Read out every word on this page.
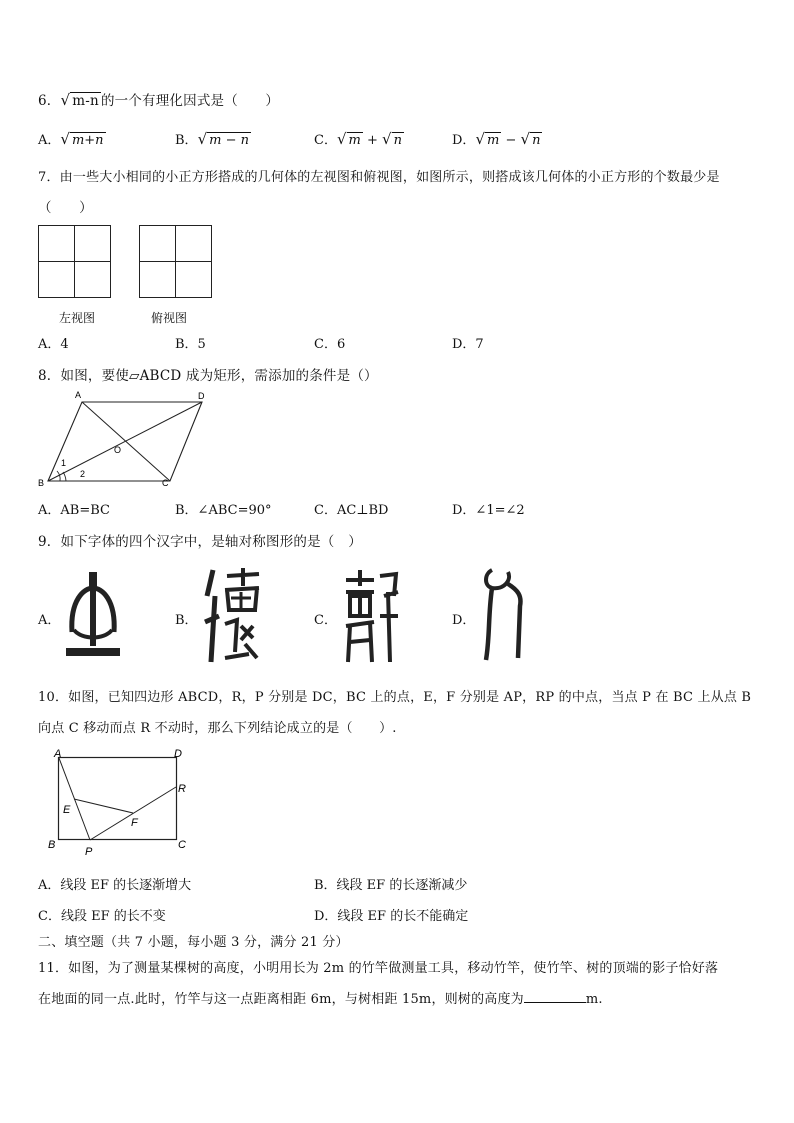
6．√ m-n 的一个有理化因式是（　　）
A．√ m+n	B．√ m − n	C．√ m + √ n	D．√ m − √ n
7．由一些大小相同的小正方形搭成的几何体的左视图和俯视图，如图所示，则搭成该几何体的小正方形的个数最少是
（　　）
左视图	俯视图
A．4	B．5	C．6	D．7
8．如图，要使▱ABCD 成为矩形，需添加的条件是（）
A	D
B	C
O
1
2
A．AB=BC	B．∠ABC=90°	C．AC⊥BD	D．∠1=∠2
9．如下字体的四个汉字中，是轴对称图形的是（　）
A．	B．	C．	D．
10．如图，已知四边形 ABCD，R，P 分别是 DC，BC 上的点，E，F 分别是 AP，RP 的中点，当点 P 在 BC 上从点 B
向点 C 移动而点 R 不动时，那么下列结论成立的是（　　）.
A	D
B	C
E
F
P
R
A．线段 EF 的长逐渐增大	B．线段 EF 的长逐渐减少
C．线段 EF 的长不变	D．线段 EF 的长不能确定
二、填空题（共 7 小题，每小题 3 分，满分 21 分）
11．如图，为了测量某棵树的高度，小明用长为 2m 的竹竿做测量工具，移动竹竿，使竹竿、树的顶端的影子恰好落
在地面的同一点.此时，竹竿与这一点距离相距 6m，与树相距 15m，则树的高度为	m.
